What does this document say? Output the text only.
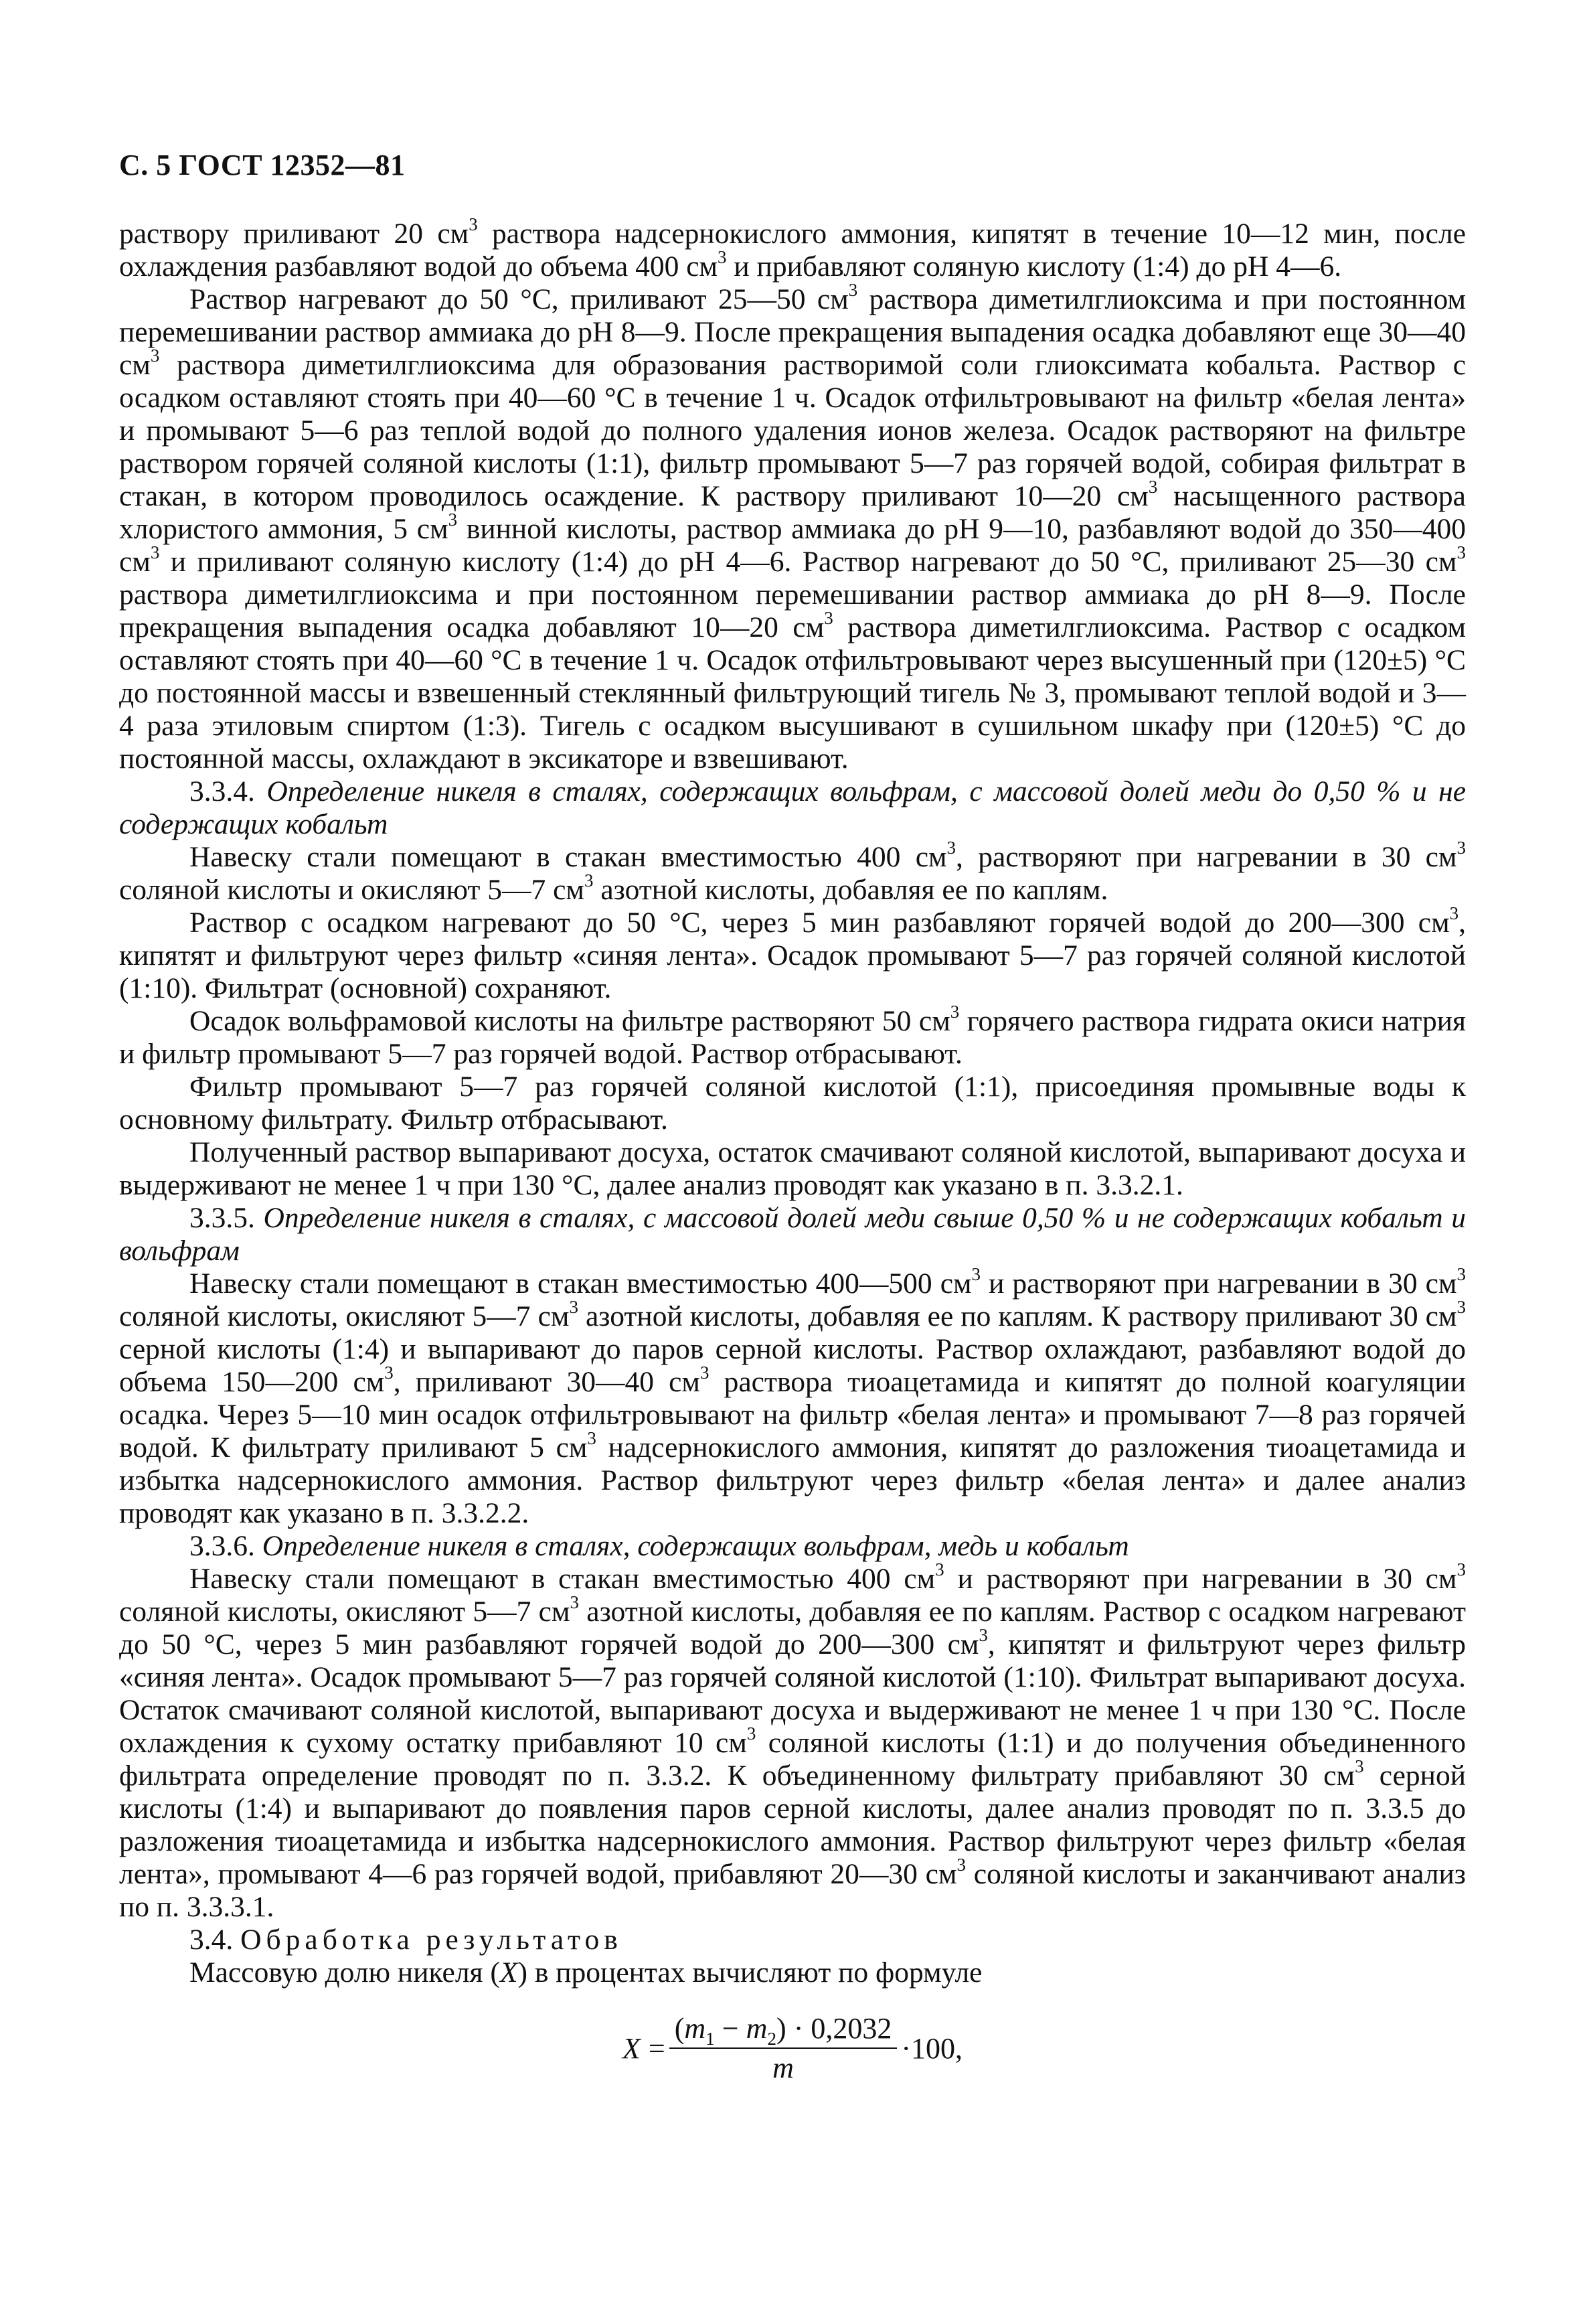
С. 5 ГОСТ 12352—81

раствору приливают 20 $см^3$ раствора надсернокислого аммония, кипятят в течение 10—12 мин, после охлаждения разбавляют водой до объема 400 $см^3$ и прибавляют соляную кислоту (1:4) до pH 4—6.

Раствор нагревают до 50 °С, приливают 25—50 $см^3$ раствора диметилглиоксима и при постоянном перемешивании раствор аммиака до pH 8—9. После прекращения выпадения осадка добавляют еще 30—40 $см^3$ раствора диметилглиоксима для образования растворимой соли глиоксимата кобальта. Раствор с осадком оставляют стоять при 40—60 °С в течение 1 ч. Осадок отфильтровывают на фильтр «белая лента» и промывают 5—6 раз теплой водой до полного удаления ионов железа. Осадок растворяют на фильтре раствором горячей соляной кислоты (1:1), фильтр промывают 5—7 раз горячей водой, собирая фильтрат в стакан, в котором проводилось осаждение. К раствору приливают 10—20 $см^3$ насыщенного раствора хлористого аммония, 5 $см^3$ винной кислоты, раствор аммиака до pH 9—10, разбавляют водой до 350—400 $см^3$ и приливают соляную кислоту (1:4) до pH 4—6. Раствор нагревают до 50 °С, приливают 25—30 $см^3$ раствора диметилглиоксима и при постоянном перемешивании раствор аммиака до pH 8—9. После прекращения выпадения осадка добавляют 10—20 $см^3$ раствора диметилглиоксима. Раствор с осадком оставляют стоять при 40—60 °С в течение 1 ч. Осадок отфильтровывают через высушенный при (120±5) °С до постоянной массы и взвешенный стеклянный фильтрующий тигель № 3, промывают теплой водой и 3—4 раза этиловым спиртом (1:3). Тигель с осадком высушивают в сушильном шкафу при (120±5) °С до постоянной массы, охлаждают в эксикаторе и взвешивают.

3.3.4. Определение никеля в сталях, содержащих вольфрам, с массовой долей меди до 0,50 % и не содержащих кобальт

Навеску стали помещают в стакан вместимостью 400 $см^3$, растворяют при нагревании в 30 $см^3$ соляной кислоты и окисляют 5—7 $см^3$ азотной кислоты, добавляя ее по каплям.

Раствор с осадком нагревают до 50 °С, через 5 мин разбавляют горячей водой до 200—300 $см^3$, кипятят и фильтруют через фильтр «синяя лента». Осадок промывают 5—7 раз горячей соляной кислотой (1:10). Фильтрат (основной) сохраняют.

Осадок вольфрамовой кислоты на фильтре растворяют 50 $см^3$ горячего раствора гидрата окиси натрия и фильтр промывают 5—7 раз горячей водой. Раствор отбрасывают.

Фильтр промывают 5—7 раз горячей соляной кислотой (1:1), присоединяя промывные воды к основному фильтрату. Фильтр отбрасывают.

Полученный раствор выпаривают досуха, остаток смачивают соляной кислотой, выпаривают досуха и выдерживают не менее 1 ч при 130 °С, далее анализ проводят как указано в п. 3.3.2.1.

3.3.5. Определение никеля в сталях, с массовой долей меди свыше 0,50 % и не содержащих кобальт и вольфрам

Навеску стали помещают в стакан вместимостью 400—500 $см^3$ и растворяют при нагревании в 30 $см^3$ соляной кислоты, окисляют 5—7 $см^3$ азотной кислоты, добавляя ее по каплям. К раствору приливают 30 $см^3$ серной кислоты (1:4) и выпаривают до паров серной кислоты. Раствор охлаждают, разбавляют водой до объема 150—200 $см^3$, приливают 30—40 $см^3$ раствора тиоацетамида и кипятят до полной коагуляции осадка. Через 5—10 мин осадок отфильтровывают на фильтр «белая лента» и промывают 7—8 раз горячей водой. К фильтрату приливают 5 $см^3$ надсернокислого аммония, кипятят до разложения тиоацетамида и избытка надсернокислого аммония. Раствор фильтруют через фильтр «белая лента» и далее анализ проводят как указано в п. 3.3.2.2.

3.3.6. Определение никеля в сталях, содержащих вольфрам, медь и кобальт

Навеску стали помещают в стакан вместимостью 400 $см^3$ и растворяют при нагревании в 30 $см^3$ соляной кислоты, окисляют 5—7 $см^3$ азотной кислоты, добавляя ее по каплям. Раствор с осадком нагревают до 50 °С, через 5 мин разбавляют горячей водой до 200—300 $см^3$, кипятят и фильтруют через фильтр «синяя лента». Осадок промывают 5—7 раз горячей соляной кислотой (1:10). Фильтрат выпаривают досуха. Остаток смачивают соляной кислотой, выпаривают досуха и выдерживают не менее 1 ч при 130 °С. После охлаждения к сухому остатку прибавляют 10 $см^3$ соляной кислоты (1:1) и до получения объединенного фильтрата определение проводят по п. 3.3.2. К объединенному фильтрату прибавляют 30 $см^3$ серной кислоты (1:4) и выпаривают до появления паров серной кислоты, далее анализ проводят по п. 3.3.5 до разложения тиоацетамида и избытка надсернокислого аммония. Раствор фильтруют через фильтр «белая лента», промывают 4—6 раз горячей водой, прибавляют 20—30 $см^3$ соляной кислоты и заканчивают анализ по п. 3.3.3.1.

3.4. Обработка результатов

Массовую долю никеля (X) в процентах вычисляют по формуле

$X = \frac{(m_1 - m_2) \cdot 0,2032}{m} \cdot 100$,
